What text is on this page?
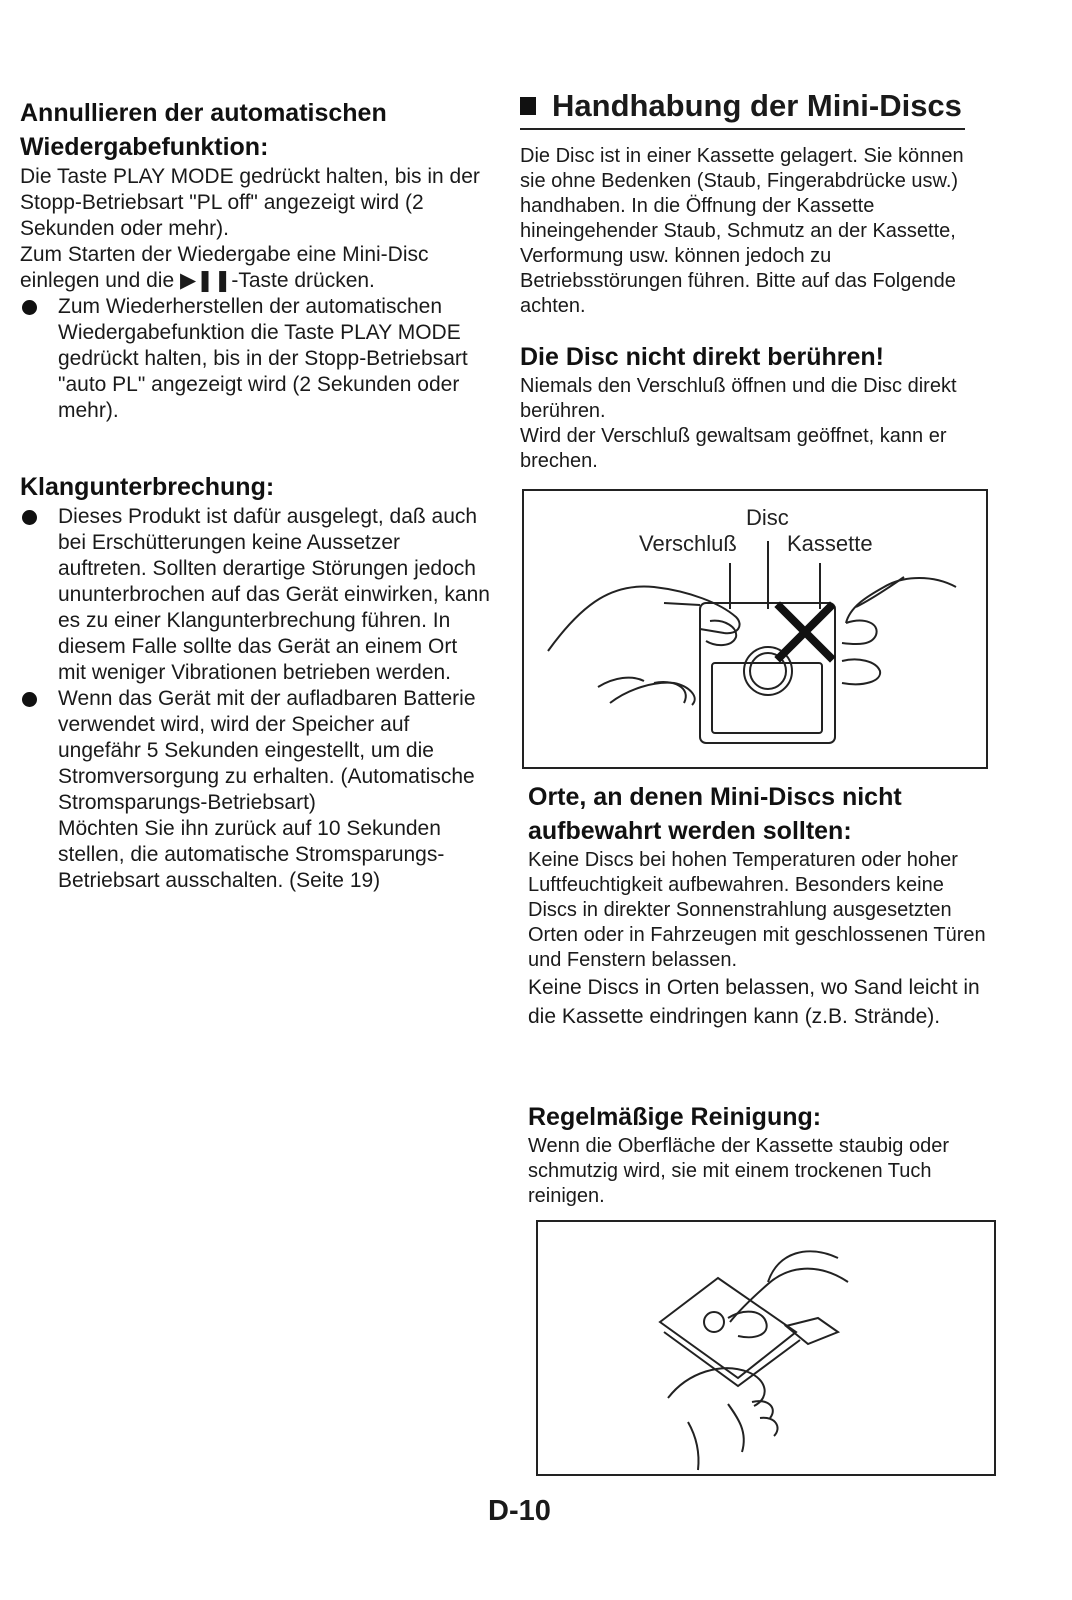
Annullieren der automatischen
Wiedergabefunktion:

Die Taste PLAY MODE gedrückt halten, bis in der Stopp-Betriebsart "PL off" angezeigt wird (2 Sekunden oder mehr).

Zum Starten der Wiedergabe eine Mini-Disc einlegen und die ▶❚❚-Taste drücken.

Zum Wiederherstellen der automatischen Wiedergabefunktion die Taste PLAY MODE gedrückt halten, bis in der Stopp-Betriebsart "auto PL" angezeigt wird (2 Sekunden oder mehr).
Klangunterbrechung:
Dieses Produkt ist dafür ausgelegt, daß auch bei Erschütterungen keine Aussetzer auftreten. Sollten derartige Störungen jedoch ununterbrochen auf das Gerät einwirken, kann es zu einer Klangunterbrechung führen. In diesem Falle sollte das Gerät an einem Ort mit weniger Vibrationen betrieben werden.
Wenn das Gerät mit der aufladbaren Batterie verwendet wird, wird der Speicher auf ungefähr 5 Sekunden eingestellt, um die Stromversorgung zu erhalten. (Automatische Stromsparungs-Betriebsart)
Möchten Sie ihn zurück auf 10 Sekunden stellen, die automatische Stromsparungs-Betriebsart ausschalten. (Seite 19)
Handhabung der Mini-Discs

Die Disc ist in einer Kassette gelagert. Sie können sie ohne Bedenken (Staub, Fingerabdrücke usw.) handhaben. In die Öffnung der Kassette hineingehender Staub, Schmutz an der Kassette, Verformung usw. können jedoch zu Betriebsstörungen führen. Bitte auf das Folgende achten.

Die Disc nicht direkt berühren!

Niemals den Verschluß öffnen und die Disc direkt berühren.

Wird der Verschluß gewaltsam geöffnet, kann er brechen.

Disc
Verschluß Kassette
Orte, an denen Mini-Discs nicht
aufbewahrt werden sollten:

Keine Discs bei hohen Temperaturen oder hoher Luftfeuchtigkeit aufbewahren. Besonders keine Discs in direkter Sonnenstrahlung ausgesetzten Orten oder in Fahrzeugen mit geschlossenen Türen und Fenstern belassen.

Keine Discs in Orten belassen, wo Sand leicht in die Kassette eindringen kann (z.B. Strände).

Regelmäßige Reinigung:

Wenn die Oberfläche der Kassette staubig oder schmutzig wird, sie mit einem trockenen Tuch reinigen.

D-10
